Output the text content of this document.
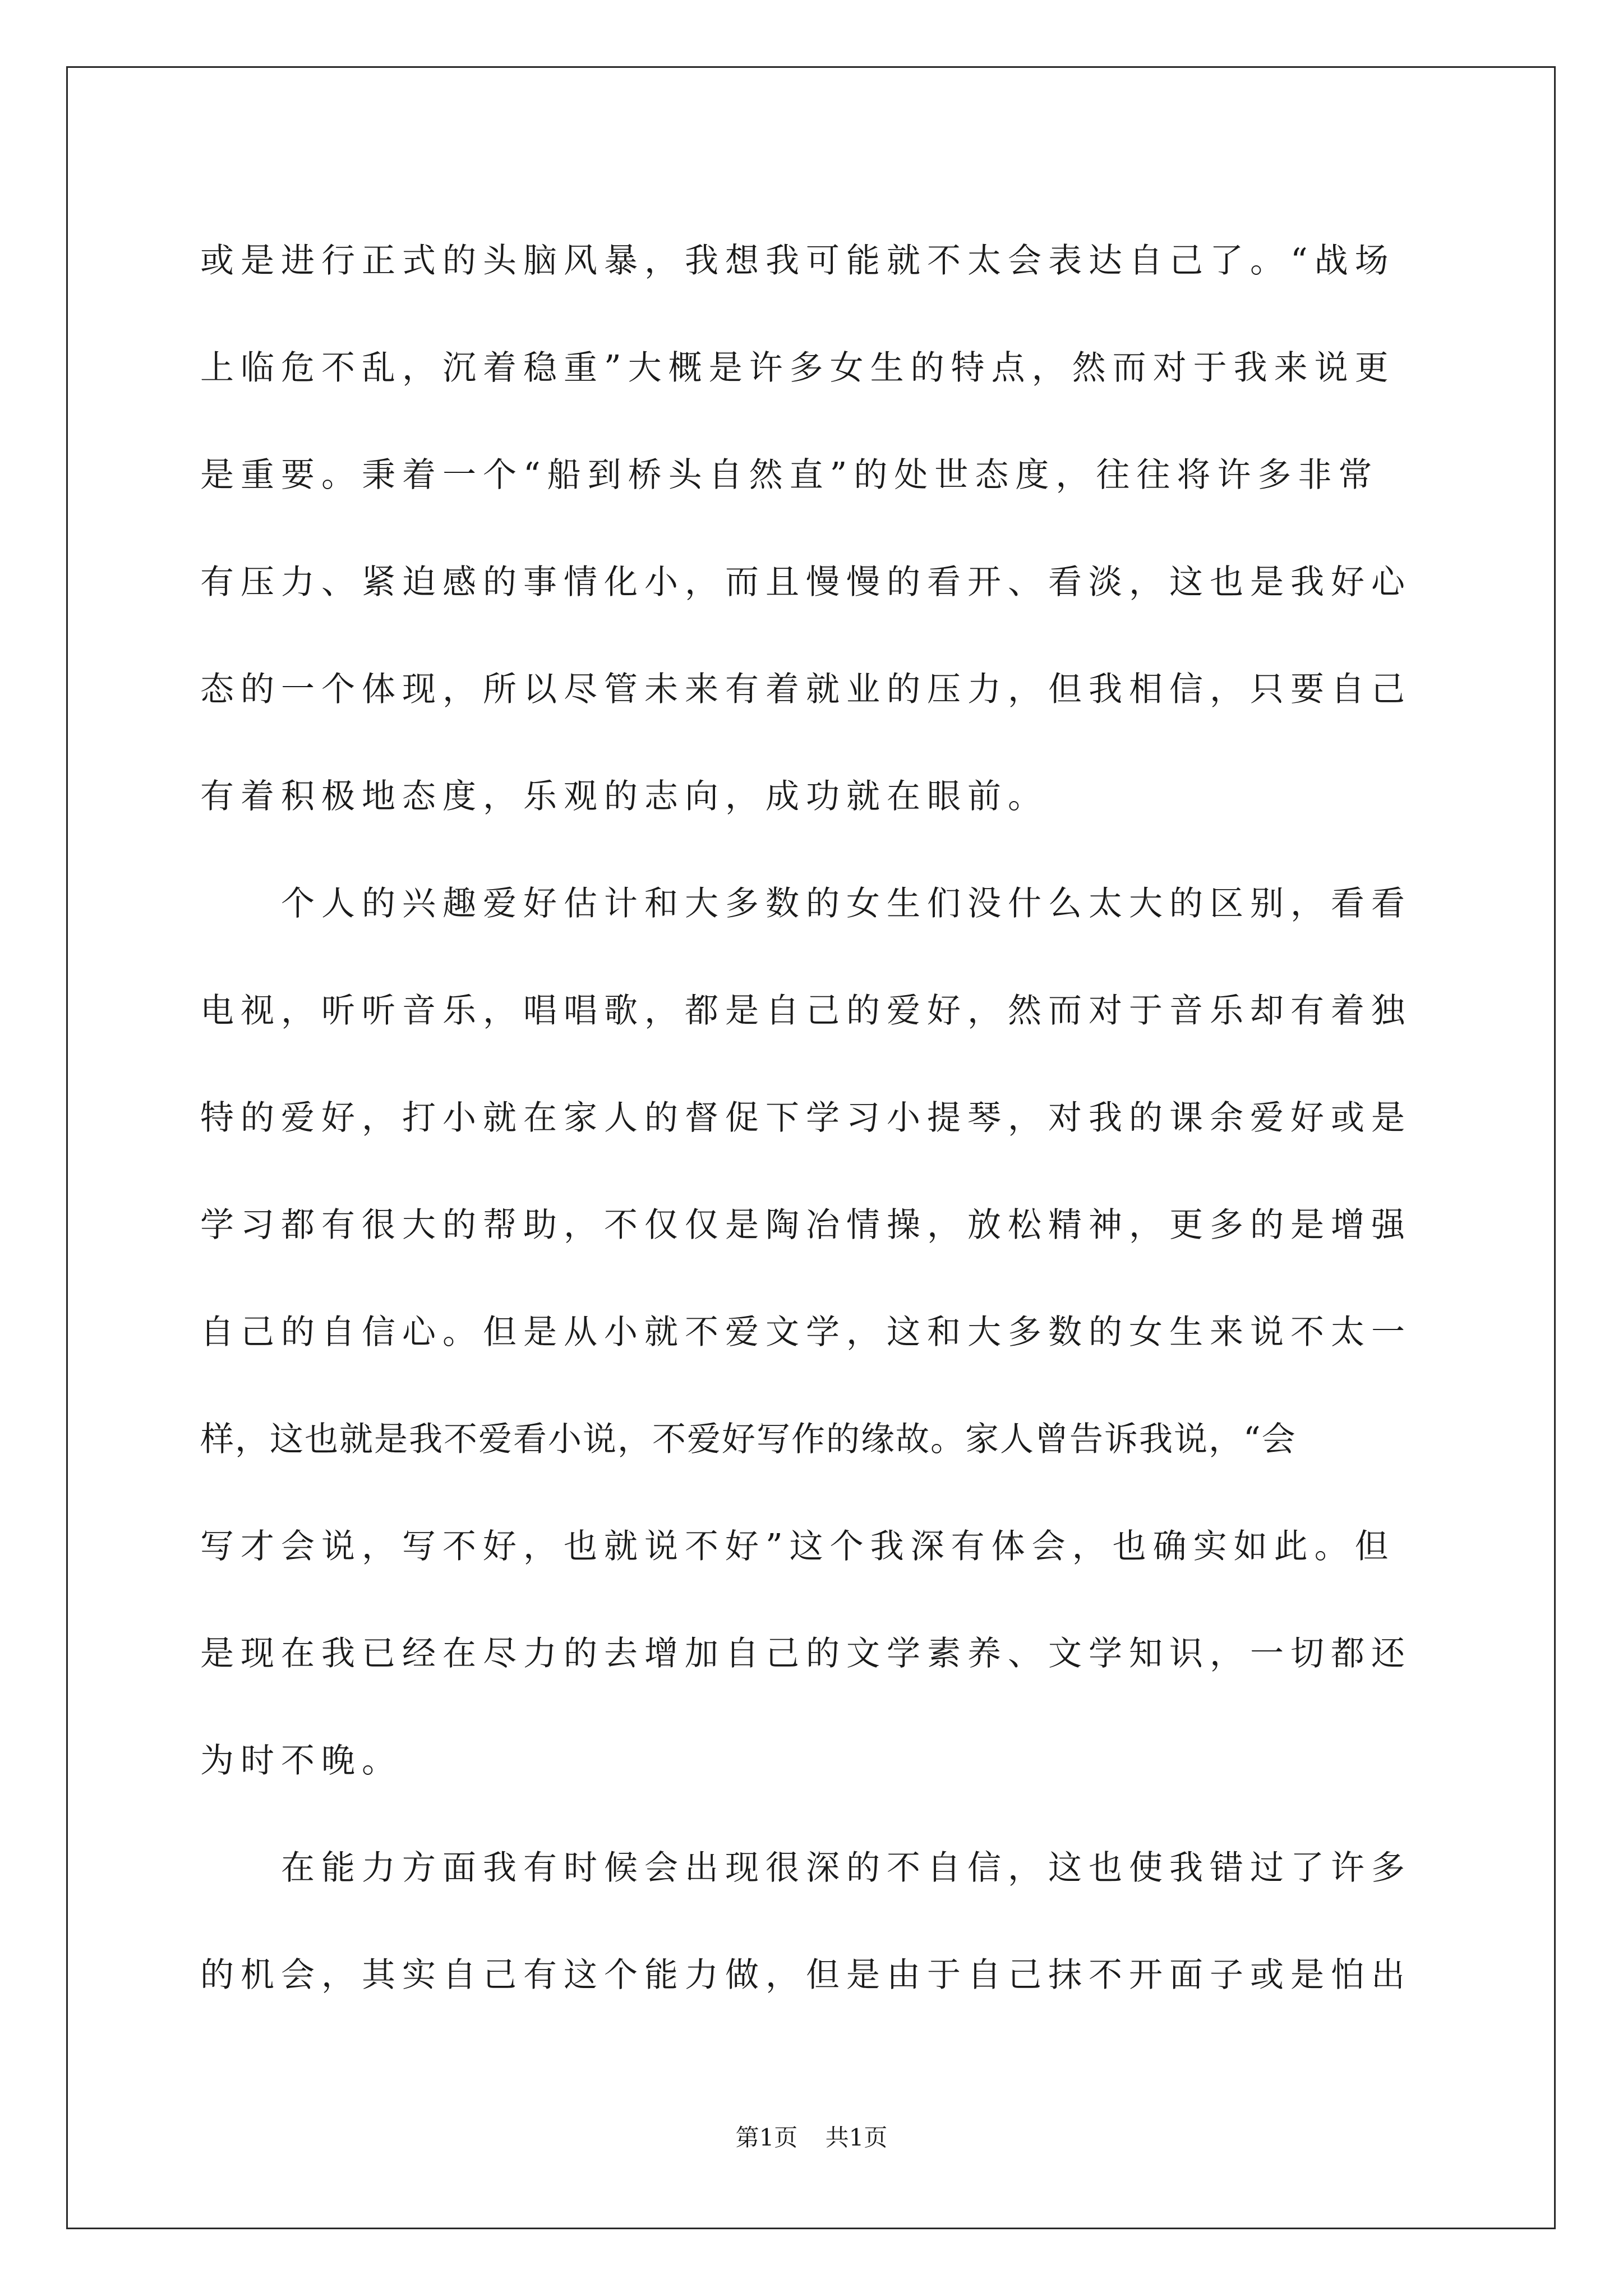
或是进行正式的头脑风暴，我想我可能就不太会表达自己了。“战场
上临危不乱，沉着稳重”大概是许多女生的特点，然而对于我来说更
是重要。秉着一个“船到桥头自然直”的处世态度，往往将许多非常
有压力、紧迫感的事情化小，而且慢慢的看开、看淡，这也是我好心
态的一个体现，所以尽管未来有着就业的压力，但我相信，只要自己
有着积极地态度，乐观的志向，成功就在眼前。
个人的兴趣爱好估计和大多数的女生们没什么太大的区别，看看
电视，听听音乐，唱唱歌，都是自己的爱好，然而对于音乐却有着独
特的爱好，打小就在家人的督促下学习小提琴，对我的课余爱好或是
学习都有很大的帮助，不仅仅是陶冶情操，放松精神，更多的是增强
自己的自信心。但是从小就不爱文学，这和大多数的女生来说不太一
样，这也就是我不爱看小说，不爱好写作的缘故。家人曾告诉我说，“会
写才会说，写不好，也就说不好”这个我深有体会，也确实如此。但
是现在我已经在尽力的去增加自己的文学素养、文学知识，一切都还
为时不晚。
在能力方面我有时候会出现很深的不自信，这也使我错过了许多
的机会，其实自己有这个能力做，但是由于自己抹不开面子或是怕出
第1页 共1页
